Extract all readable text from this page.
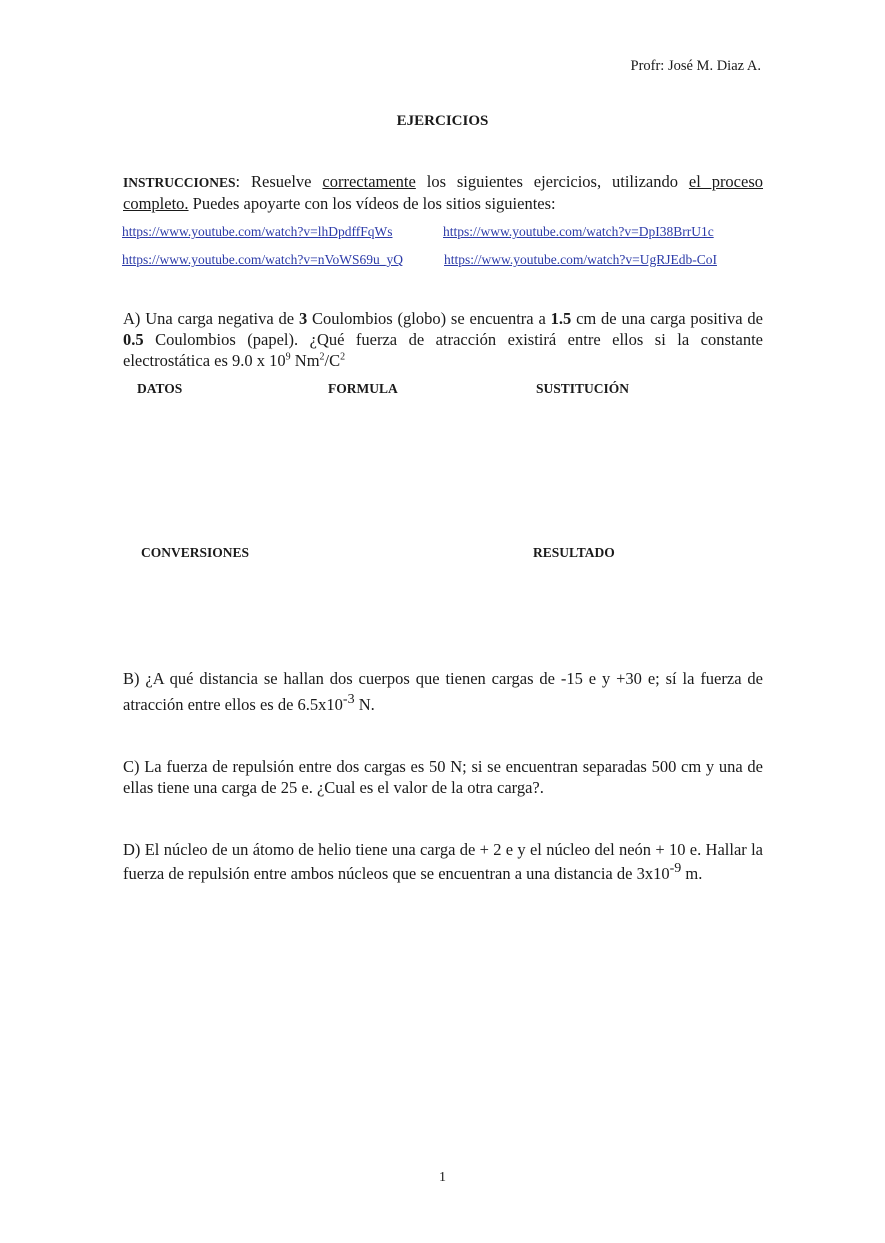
Profr: José M. Diaz A.
EJERCICIOS
INSTRUCCIONES: Resuelve correctamente los siguientes ejercicios, utilizando el proceso completo. Puedes apoyarte con los vídeos de los sitios siguientes:
https://www.youtube.com/watch?v=lhDpdffFqWs	https://www.youtube.com/watch?v=DpI38BrrU1c
https://www.youtube.com/watch?v=nVoWS69u_yQ	https://www.youtube.com/watch?v=UgRJEdb-CoI
A) Una carga negativa de 3 Coulombios (globo) se encuentra a 1.5 cm de una carga positiva de 0.5 Coulombios (papel). ¿Qué fuerza de atracción existirá entre ellos si la constante electrostática es 9.0 x $10^9$ $Nm^2/C^2$
DATOS	FORMULA	SUSTITUCIÓN
CONVERSIONES	RESULTADO
B) ¿A qué distancia se hallan dos cuerpos que tienen cargas de -15 e y +30 e; sí la fuerza de atracción entre ellos es de $6.5x10^{-3}$ N.
C) La fuerza de repulsión entre dos cargas es 50 N; si se encuentran separadas 500 cm y una de ellas tiene una carga de 25 e. ¿Cual es el valor de la otra carga?.
D) El núcleo de un átomo de helio tiene una carga de + 2 e y el núcleo del neón + 10 e. Hallar la fuerza de repulsión entre ambos núcleos que se encuentran a una distancia de $3x10^{-9}$ m.
1
